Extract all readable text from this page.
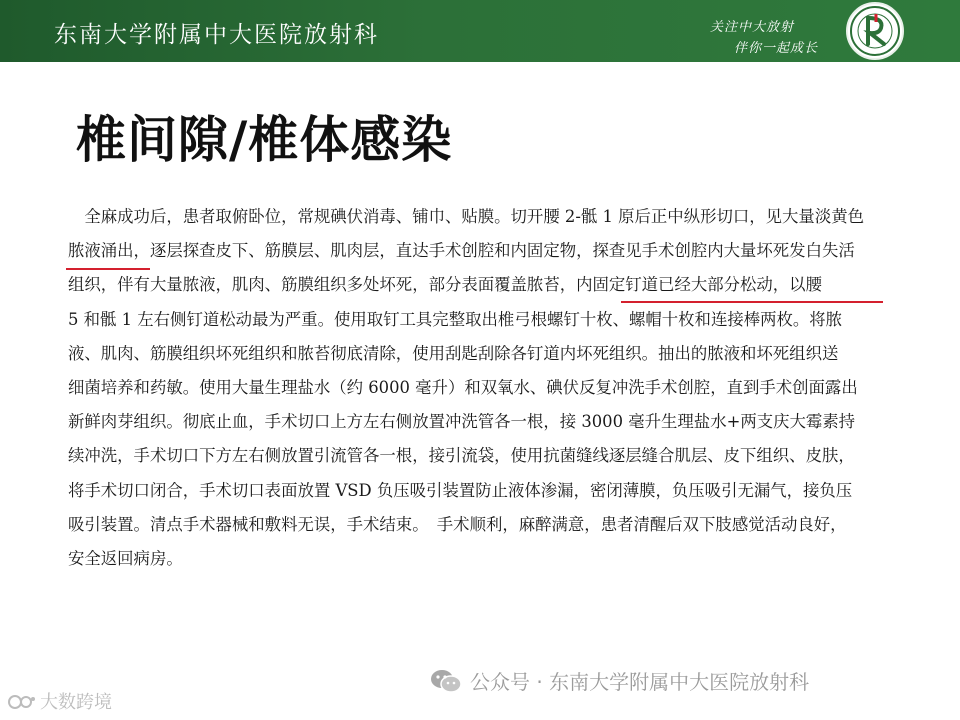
东南大学附属中大医院放射科	关注中大放射
伴你一起成长
椎间隙/椎体感染
　全麻成功后，患者取俯卧位，常规碘伏消毒、铺巾、贴膜。切开腰 2-骶 1 原后正中纵形切口，见大量淡黄色
脓液涌出，逐层探查皮下、筋膜层、肌肉层，直达手术创腔和内固定物，探查见手术创腔内大量坏死发白失活
组织，伴有大量脓液，肌肉、筋膜组织多处坏死，部分表面覆盖脓苔，内固定钉道已经大部分松动，以腰
5 和骶 1 左右侧钉道松动最为严重。使用取钉工具完整取出椎弓根螺钉十枚、螺帽十枚和连接棒两枚。将脓
液、肌肉、筋膜组织坏死组织和脓苔彻底清除，使用刮匙刮除各钉道内坏死组织。抽出的脓液和坏死组织送
细菌培养和药敏。使用大量生理盐水（约 6000 毫升）和双氧水、碘伏反复冲洗手术创腔，直到手术创面露出
新鲜肉芽组织。彻底止血，手术切口上方左右侧放置冲洗管各一根，接 3000 毫升生理盐水+两支庆大霉素持
续冲洗，手术切口下方左右侧放置引流管各一根，接引流袋，使用抗菌缝线逐层缝合肌层、皮下组织、皮肤，
将手术切口闭合，手术切口表面放置 VSD 负压吸引装置防止液体渗漏，密闭薄膜，负压吸引无漏气，接负压
吸引装置。清点手术器械和敷料无误，手术结束。　手术顺利，麻醉满意，患者清醒后双下肢感觉活动良好，
安全返回病房。
公众号 · 东南大学附属中大医院放射科
大数跨境
